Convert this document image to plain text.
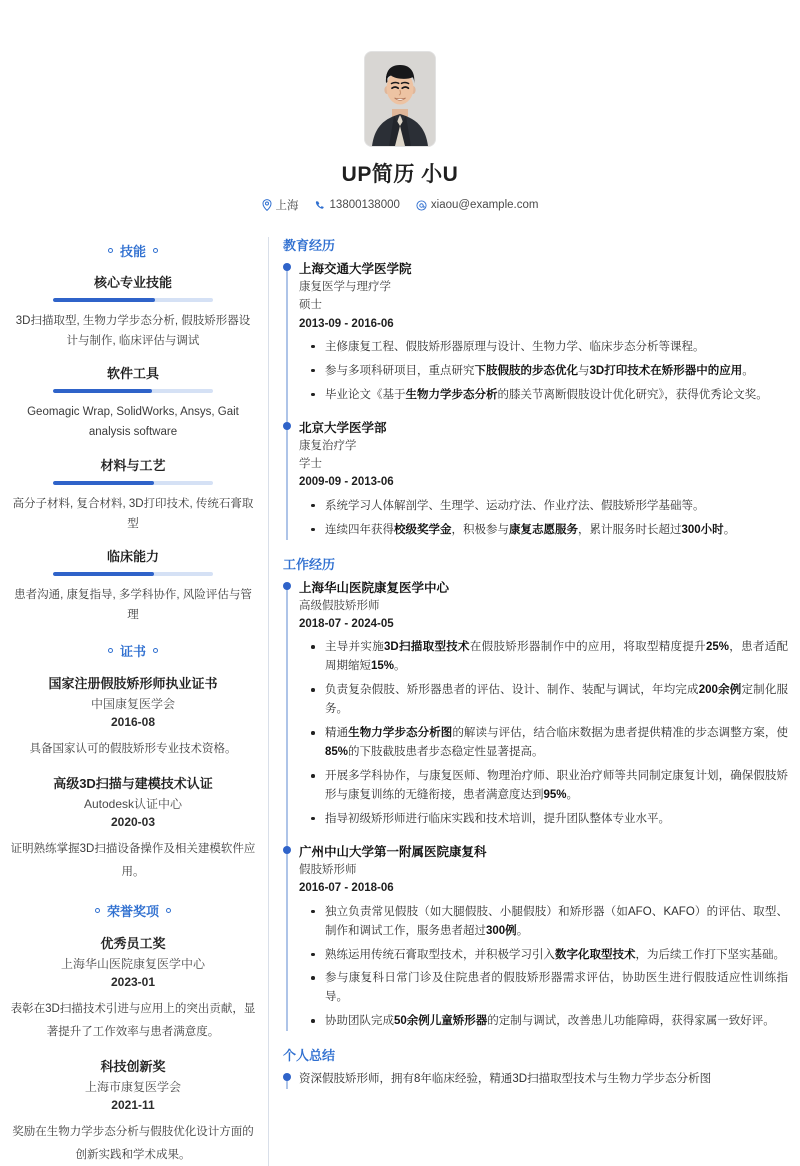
UP简历 小U
上海	13800138000	xiaou@example.com
技能
核心专业技能
3D扫描取型, 生物力学步态分析, 假肢矫形器设计与制作, 临床评估与调试
软件工具
Geomagic Wrap, SolidWorks, Ansys, Gait analysis software
材料与工艺
高分子材料, 复合材料, 3D打印技术, 传统石膏取型
临床能力
患者沟通, 康复指导, 多学科协作, 风险评估与管理
证书
国家注册假肢矫形师执业证书
中国康复医学会
2016-08
具备国家认可的假肢矫形专业技术资格。
高级3D扫描与建模技术认证
Autodesk认证中心
2020-03
证明熟练掌握3D扫描设备操作及相关建模软件应用。
荣誉奖项
优秀员工奖
上海华山医院康复医学中心
2023-01
表彰在3D扫描技术引进与应用上的突出贡献，显著提升了工作效率与患者满意度。
科技创新奖
上海市康复医学会
2021-11
奖励在生物力学步态分析与假肢优化设计方面的创新实践和学术成果。
教育经历
上海交通大学医学院
康复医学与理疗学
硕士
2013-09 - 2016-06
主修康复工程、假肢矫形器原理与设计、生物力学、临床步态分析等课程。
参与多项科研项目，重点研究下肢假肢的步态优化与3D打印技术在矫形器中的应用。
毕业论文《基于生物力学步态分析的膝关节离断假肢设计优化研究》，获得优秀论文奖。
北京大学医学部
康复治疗学
学士
2009-09 - 2013-06
系统学习人体解剖学、生理学、运动疗法、作业疗法、假肢矫形学基础等。
连续四年获得校级奖学金，积极参与康复志愿服务，累计服务时长超过300小时。
工作经历
上海华山医院康复医学中心
高级假肢矫形师
2018-07 - 2024-05
主导并实施3D扫描取型技术在假肢矫形器制作中的应用，将取型精度提升25%，患者适配周期缩短15%。
负责复杂假肢、矫形器患者的评估、设计、制作、装配与调试，年均完成200余例定制化服务。
精通生物力学步态分析图的解读与评估，结合临床数据为患者提供精准的步态调整方案，使85%的下肢截肢患者步态稳定性显著提高。
开展多学科协作，与康复医师、物理治疗师、职业治疗师等共同制定康复计划，确保假肢矫形与康复训练的无缝衔接，患者满意度达到95%。
指导初级矫形师进行临床实践和技术培训，提升团队整体专业水平。
广州中山大学第一附属医院康复科
假肢矫形师
2016-07 - 2018-06
独立负责常见假肢（如大腿假肢、小腿假肢）和矫形器（如AFO、KAFO）的评估、取型、制作和调试工作，服务患者超过300例。
熟练运用传统石膏取型技术，并积极学习引入数字化取型技术，为后续工作打下坚实基础。
参与康复科日常门诊及住院患者的假肢矫形器需求评估，协助医生进行假肢适应性训练指导。
协助团队完成50余例儿童矫形器的定制与调试，改善患儿功能障碍，获得家属一致好评。
个人总结
资深假肢矫形师，拥有8年临床经验，精通3D扫描取型技术与生物力学步态分析图
